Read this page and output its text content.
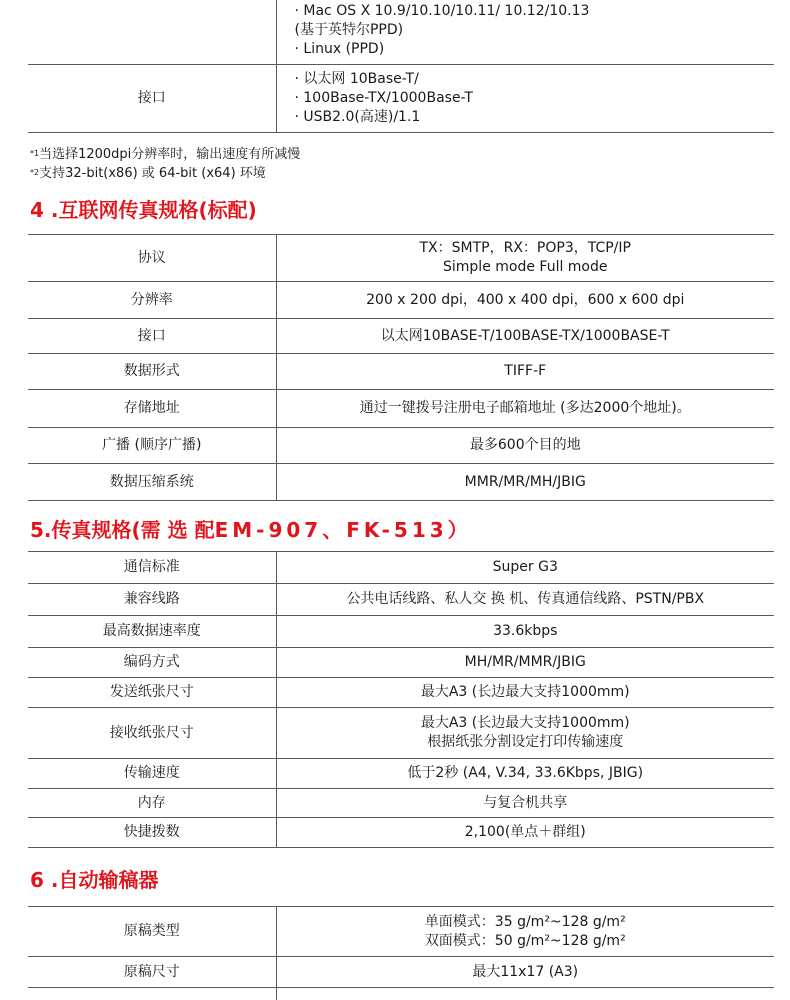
	· Mac OS X 10.9/10.10/10.11/ 10.12/10.13
(基于英特尔PPD)
· Linux (PPD)

接口	· 以太网 10Base-T/
· 100Base-TX/1000Base-T
· USB2.0(高速)/1.1
$^{*1}$当选择1200dpi分辨率时，输出速度有所减慢
$^{*2}$支持32-bit(x86) 或 64-bit (x64) 环境
4 .互联网传真规格(标配)
协议	TX：SMTP，RX：POP3，TCP/IP
Simple mode Full mode

分辨率	200 x 200 dpi，400 x 400 dpi，600 x 600 dpi
接口	以太网10BASE-T/100BASE-TX/1000BASE-T
数据形式	TIFF-F
存储地址	通过一键拨号注册电子邮箱地址 (多达2000个地址)。
广播 (顺序广播)	最多600个目的地
数据压缩系统	MMR/MR/MH/JBIG
5.传真规格(需 选 配EM-907、FK-513）
通信标准	Super G3
兼容线路	公共电话线路、私人交 换 机、传真通信线路、PSTN/PBX
最高数据速率度	33.6kbps
编码方式	MH/MR/MMR/JBIG
发送纸张尺寸	最大A3 (长边最大支持1000mm)
接收纸张尺寸	最大A3 (长边最大支持1000mm)
根据纸张分割设定打印传输速度

传输速度	低于2秒 (A4, V.34, 33.6Kbps, JBIG)
内存	与复合机共享
快捷拨数	2,100(单点＋群组)
6 .自动输稿器
原稿类型	单面模式：35 g/m²~128 g/m²
双面模式：50 g/m²~128 g/m²

原稿尺寸	最大11x17 (A3)
